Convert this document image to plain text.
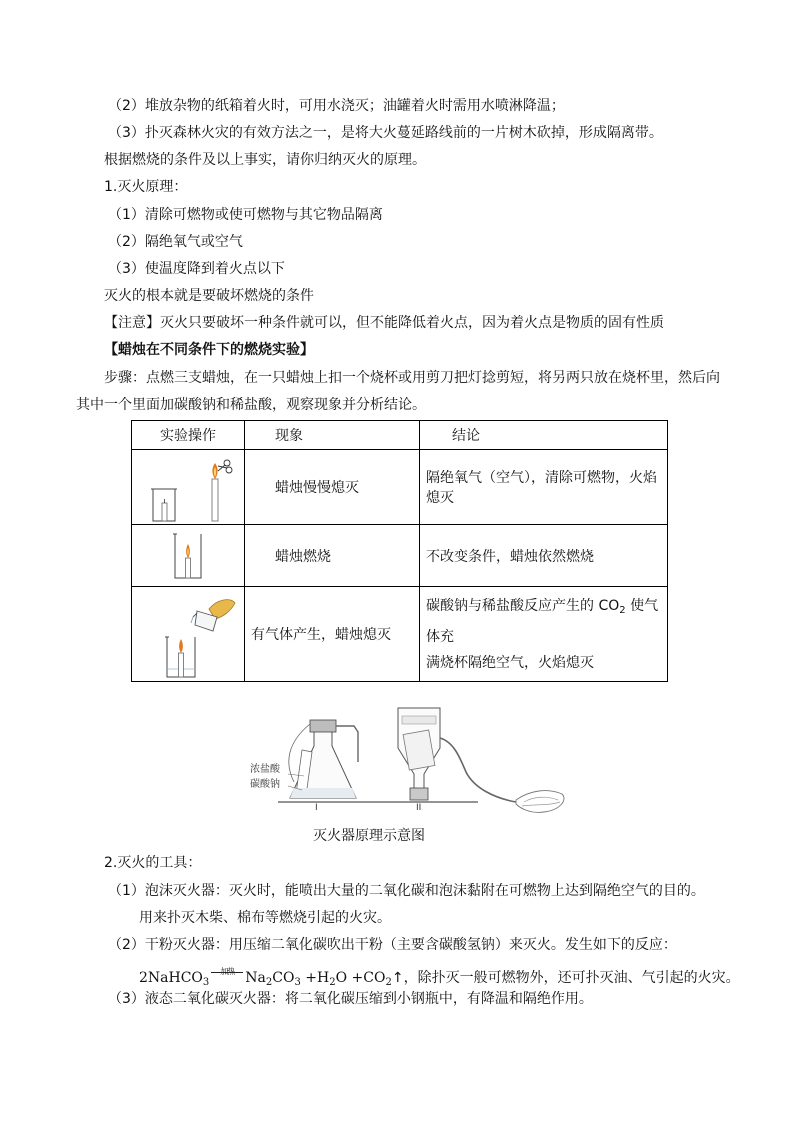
（2）堆放杂物的纸箱着火时，可用水浇灭；油罐着火时需用水喷淋降温；
（3）扑灭森林火灾的有效方法之一，是将大火蔓延路线前的一片树木砍掉，形成隔离带。
根据燃烧的条件及以上事实，请你归纳灭火的原理。
1.灭火原理：
（1）清除可燃物或使可燃物与其它物品隔离
（2）隔绝氧气或空气
（3）使温度降到着火点以下
灭火的根本就是要破坏燃烧的条件
【注意】灭火只要破坏一种条件就可以，但不能降低着火点，因为着火点是物质的固有性质
【蜡烛在不同条件下的燃烧实验】
步骤：点燃三支蜡烛，在一只蜡烛上扣一个烧杯或用剪刀把灯捻剪短，将另两只放在烧杯里，然后向
其中一个里面加碳酸钠和稀盐酸，观察现象并分析结论。
实验操作	现象	结论

	蜡烛慢慢熄灭	隔绝氧气（空气），清除可燃物，火焰熄灭

	蜡烛燃烧	不改变条件，蜡烛依然燃烧

	有气体产生，蜡烛熄灭	碳酸钠与稀盐酸反应产生的 $CO_2$ 使气体充
满烧杯隔绝空气，火焰熄灭
浓盐酸
碳酸钠
I	II
灭火器原理示意图
2.灭火的工具：
（1）泡沫灭火器：灭火时，能喷出大量的二氧化碳和泡沫黏附在可燃物上达到隔绝空气的目的。
用来扑灭木柴、棉布等燃烧引起的火灾。
（2）干粉灭火器：用压缩二氧化碳吹出干粉（主要含碳酸氢钠）来灭火。发生如下的反应：
2NaHCO$_3^{加热}$ $Na_2CO_3 +H_2O$ $+CO_2↑$，除扑灭一般可燃物外，还可扑灭油、气引起的火灾。
（3）液态二氧化碳灭火器：将二氧化碳压缩到小钢瓶中，有降温和隔绝作用。
